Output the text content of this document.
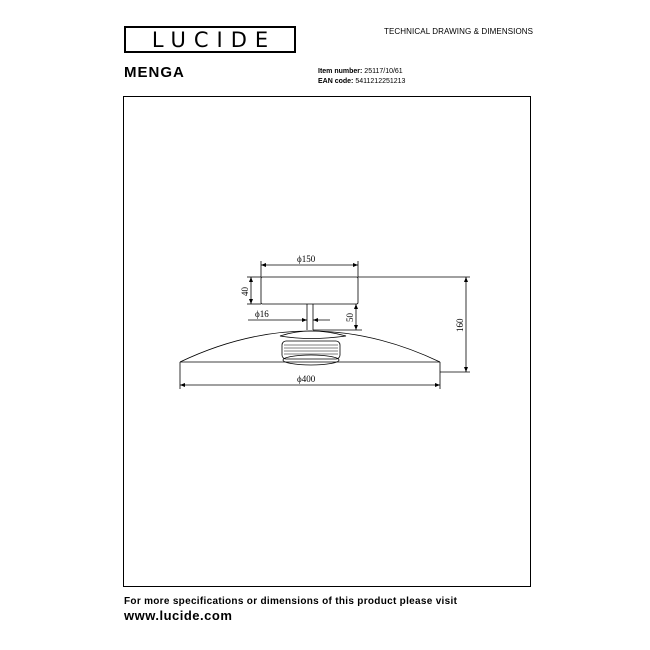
LUCIDE	TECHNICAL DRAWING & DIMENSIONS
MENGA	Item number: 25117/10/61
EAN code: 5411212251213
ϕ150
40
ϕ16	50
160
ϕ400
For more specifications or dimensions of this product please visit
www.lucide.com
